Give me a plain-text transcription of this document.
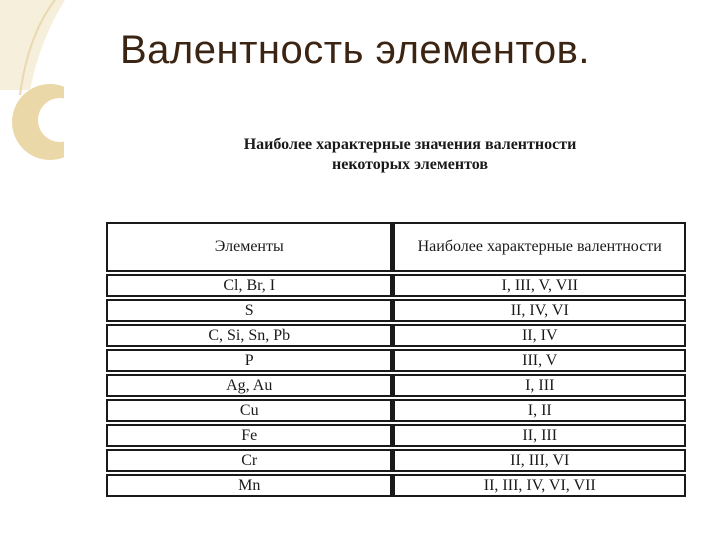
Валентность элементов.
Наиболее характерные значения валентности
некоторых элементов
Элементы	Наиболее характерные валентности
Cl, Br, I	I, III, V, VII
S	II, IV, VI
C, Si, Sn, Pb	II, IV
P	III, V
Ag, Au	I, III
Cu	I, II
Fe	II, III
Cr	II, III, VI
Mn	II, III, IV, VI, VII
